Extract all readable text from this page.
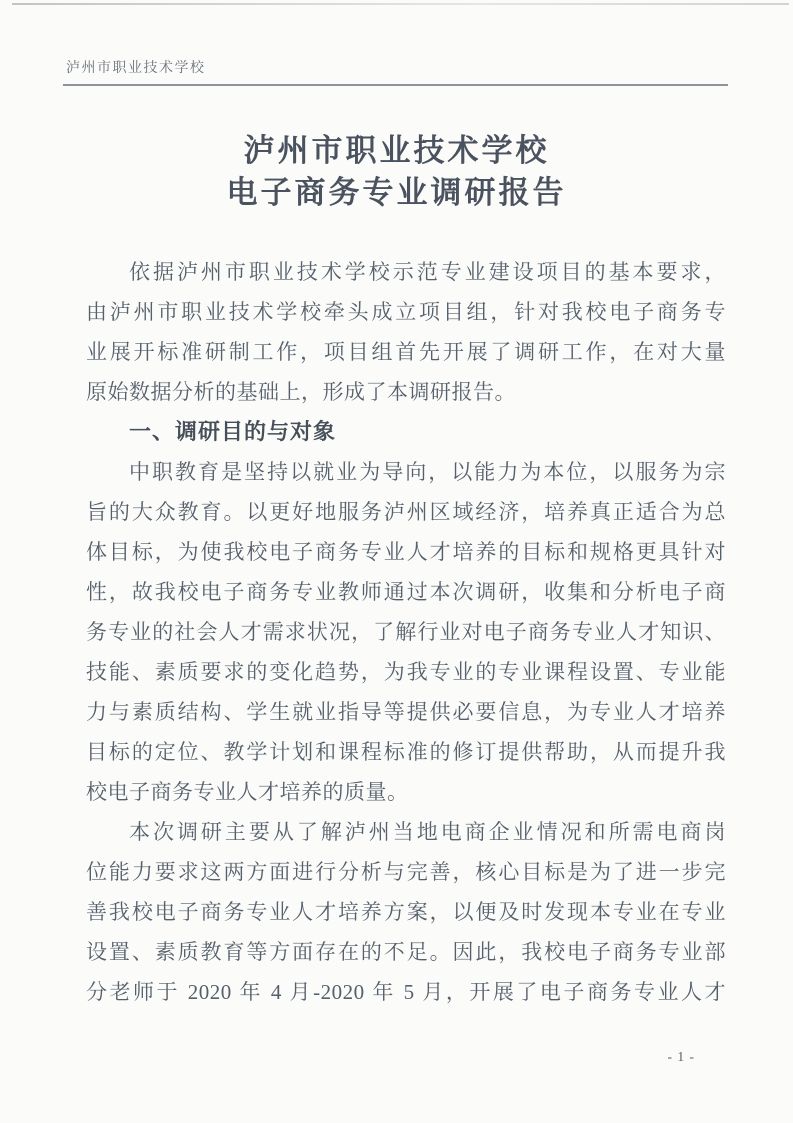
泸州市职业技术学校
泸州市职业技术学校
电子商务专业调研报告
依据泸州市职业技术学校示范专业建设项目的基本要求，
由泸州市职业技术学校牵头成立项目组，针对我校电子商务专
业展开标准研制工作，项目组首先开展了调研工作，在对大量
原始数据分析的基础上，形成了本调研报告。
一、调研目的与对象
中职教育是坚持以就业为导向，以能力为本位，以服务为宗
旨的大众教育。以更好地服务泸州区域经济，培养真正适合为总
体目标，为使我校电子商务专业人才培养的目标和规格更具针对
性，故我校电子商务专业教师通过本次调研，收集和分析电子商
务专业的社会人才需求状况，了解行业对电子商务专业人才知识、
技能、素质要求的变化趋势，为我专业的专业课程设置、专业能
力与素质结构、学生就业指导等提供必要信息，为专业人才培养
目标的定位、教学计划和课程标准的修订提供帮助，从而提升我
校电子商务专业人才培养的质量。
本次调研主要从了解泸州当地电商企业情况和所需电商岗
位能力要求这两方面进行分析与完善，核心目标是为了进一步完
善我校电子商务专业人才培养方案，以便及时发现本专业在专业
设置、素质教育等方面存在的不足。因此，我校电子商务专业部
分老师于 2020 年 4 月-2020 年 5 月，开展了电子商务专业人才
- 1 -
